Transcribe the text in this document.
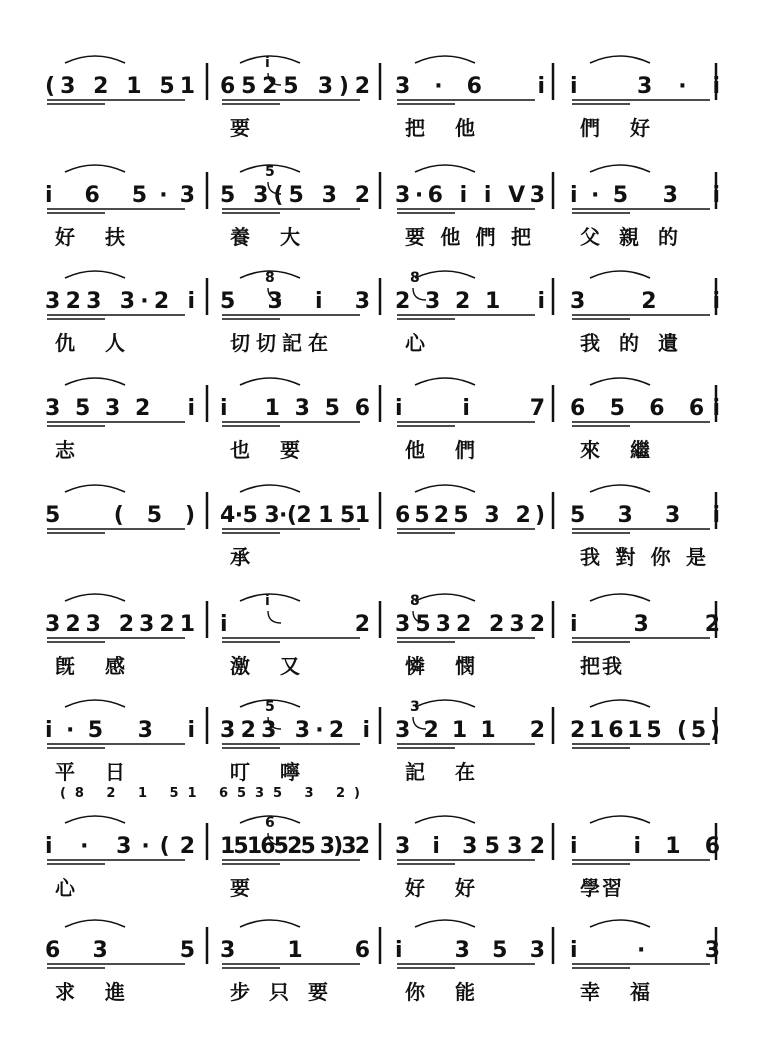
(3 2 1 51 6525 3)2
要
3·6 i
把 他
i 3·i
們 好
i
i 6 5·3
好 扶
5 3(5 3 2
養 大
3·6 i i V3
要 他 們 把
i·5 3 i
父 親 的
5
323 3·2 i
仇 人
5 3 i 3
切 切 記 在
2321 i
心
3 2 i
我 的 遺
8	8
3532 i
志
i 1356
也 要
i i 7
他 們
6 5 6 6i
來 繼
5 (5) 4·5 3·(2 1 51
承
6525 3 2) 5 3 3 i
我 對 你 是
323 2321
旣 感
i 2
激 又
3532 232
憐 憫
i 3 2
把 我
i	8
i·5 3 i
平 日
323 3·2 i
叮 嚀
3211 2
記 在
21615 (5)
5	3
i · 3·(2
心
1516525 3)32
要
3 i 3532
好 好
i i16
學 習
6
(8 2 1 51 6535 3 2)
63 5
求 進
3 1 6
步 只 要
i 353
你 能
i · 3
幸 福
